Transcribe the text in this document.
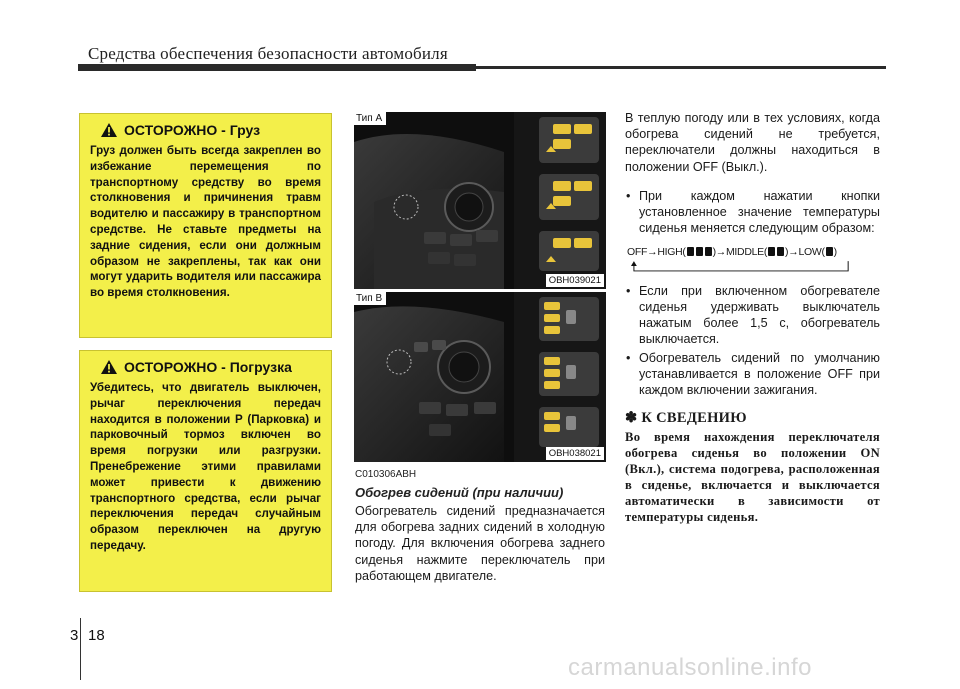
Средства обеспечения безопасности автомобиля
ОСТОРОЖНО - Груз
Груз должен быть всегда закреплен во избежание перемещения по транспортному средству во время столкновения и причинения травм водителю и пассажиру в транспортном средстве. Не ставьте предметы на задние сидения, если они должным образом не закреплены, так как они могут ударить водителя или пассажира во время столкновения.
ОСТОРОЖНО - Погрузка
Убедитесь, что двигатель выключен, рычаг переключения передач находится в положении P (Парковка) и парковочный тормоз включен во время погрузки или разгрузки. Пренебрежение этими правилами может привести к движению транспортного средства, если рычаг переключения передач случайным образом переключен на другую передачу.
Тип A
OBH039021
Тип B
OBH038021
C010306ABH
Обогрев сидений (при наличии)
Обогреватель сидений предназначается для обогрева задних сидений в холодную погоду. Для включения обогрева заднего сиденья нажмите переключатель при работающем двигателе.

В теплую погоду или в тех условиях, когда обогрева сидений не требуется, переключатели должны находиться в положении OFF (Выкл.).

• При каждом нажатии кнопки установленное значение температуры сиденья меняется следующим образом:
OFF→HIGH(	)→MIDDLE( )→LOW( )
• Если при включенном обогревателе сиденья удерживать выключатель нажатым более 1,5 с, обогреватель выключается.
• Обогреватель сидений по умолчанию устанавливается в положение OFF при каждом включении зажигания.
✽ К СВЕДЕНИЮ
Во время нахождения переключателя обогрева сиденья во положении ON (Вкл.), система подогрева, расположенная в сиденье, включается и выключается автоматически в зависимости от температуры сиденья.
3 18
carmanualsonline.info
